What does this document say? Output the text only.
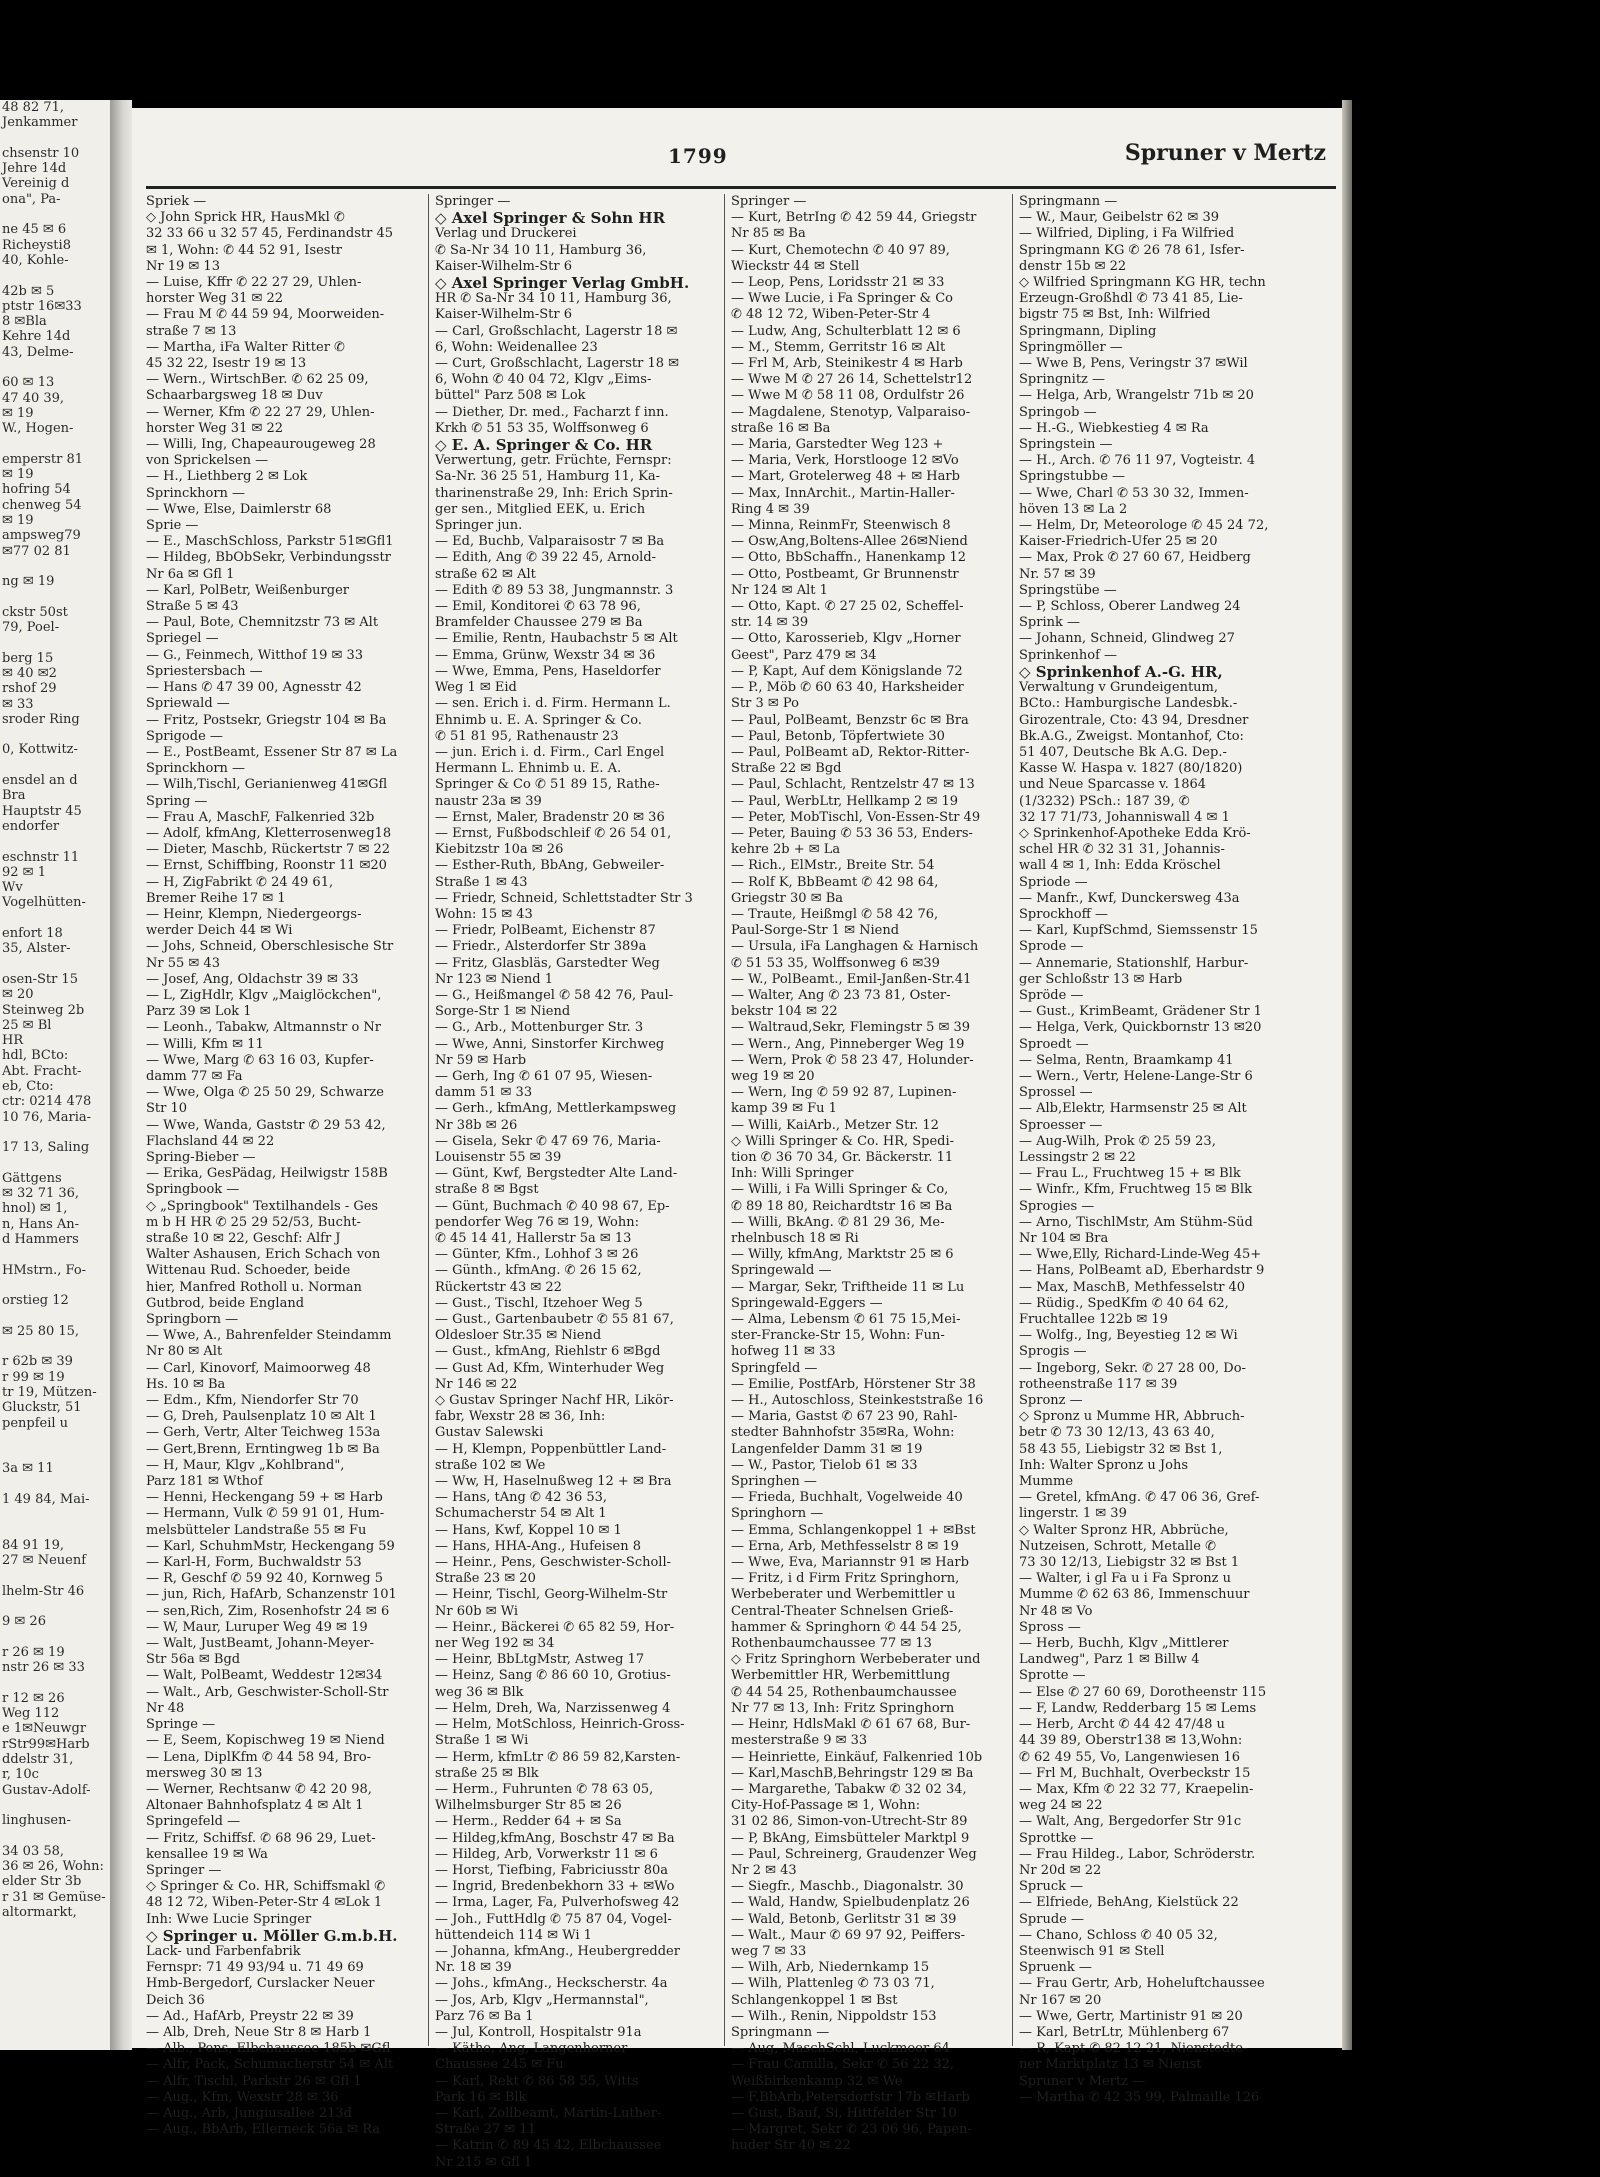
48 82 71,
Jenkammer

chsenstr 10
Jehre 14d
Vereinig d
ona", Pa-

ne 45 ✉ 6
Richeysti8
40, Kohle-

42b ✉ 5
ptstr 16✉33
8 ✉Bla
Kehre 14d
43, Delme-

60 ✉ 13
47 40 39,
✉ 19
W., Hogen-

emperstr 81
✉ 19
hofring 54
chenweg 54
✉ 19
ampsweg79
✉77 02 81

ng ✉ 19

ckstr 50st
79, Poel-

berg 15
✉ 40 ✉2
rshof 29
✉ 33
sroder Ring

0, Kottwitz-

ensdel an d
Bra
Hauptstr 45
endorfer

eschnstr 11
92 ✉ 1
Wv
Vogelhütten-

enfort 18
35, Alster-

osen-Str 15
✉ 20
Steinweg 2b
25 ✉ Bl
HR
hdl, BCto:
Abt. Fracht-
eb, Cto:
ctr: 0214 478
10 76, Maria-

17 13, Saling

Gättgens
✉ 32 71 36,
hnol) ✉ 1,
n, Hans An-
d Hammers

HMstrn., Fo-

orstieg 12

✉ 25 80 15,

r 62b ✉ 39
r 99 ✉ 19
tr 19, Mützen-
Gluckstr, 51
penpfeil u

3a ✉ 11

1 49 84, Mai-

84 91 19,
27 ✉ Neuenf

lhelm-Str 46

9 ✉ 26

r 26 ✉ 19
nstr 26 ✉ 33

r 12 ✉ 26
Weg 112
e 1✉Neuwgr
rStr99✉Harb
ddelstr 31,
r, 10c
Gustav-Adolf-

linghusen-

34 03 58,
36 ✉ 26, Wohn:
elder Str 3b
r 31 ✉ Gemüse-
altormarkt,
1799	Spruner v Mertz
Spriek —
◇ John Sprick HR, HausMkl ✆
32 33 66 u 32 57 45, Ferdinandstr 45
✉ 1, Wohn: ✆ 44 52 91, Isestr
Nr 19 ✉ 13
— Luise, Kffr ✆ 22 27 29, Uhlen-
horster Weg 31 ✉ 22
— Frau M ✆ 44 59 94, Moorweiden-
straße 7 ✉ 13
— Martha, iFa Walter Ritter ✆
45 32 22, Isestr 19 ✉ 13
— Wern., WirtschBer. ✆ 62 25 09,
Schaarbargsweg 18 ✉ Duv
— Werner, Kfm ✆ 22 27 29, Uhlen-
horster Weg 31 ✉ 22
— Willi, Ing, Chapeaurougeweg 28
von Sprickelsen —
— H., Liethberg 2 ✉ Lok
Sprinckhorn —
— Wwe, Else, Daimlerstr 68
Sprie —
— E., MaschSchloss, Parkstr 51✉Gfl1
— Hildeg, BbObSekr, Verbindungsstr
Nr 6a ✉ Gfl 1
— Karl, PolBetr, Weißenburger
Straße 5 ✉ 43
— Paul, Bote, Chemnitzstr 73 ✉ Alt
Spriegel —
— G., Feinmech, Witthof 19 ✉ 33
Spriestersbach —
— Hans ✆ 47 39 00, Agnesstr 42
Spriewald —
— Fritz, Postsekr, Griegstr 104 ✉ Ba
Sprigode —
— E., PostBeamt, Essener Str 87 ✉ La
Sprinckhorn —
— Wilh,Tischl, Gerianienweg 41✉Gfl
Spring —
— Frau A, MaschF, Falkenried 32b
— Adolf, kfmAng, Kletterrosenweg18
— Dieter, Maschb, Rückertstr 7 ✉ 22
— Ernst, Schiffbing, Roonstr 11 ✉20
— H, ZigFabrikt ✆ 24 49 61,
Bremer Reihe 17 ✉ 1
— Heinr, Klempn, Niedergeorgs-
werder Deich 44 ✉ Wi
— Johs, Schneid, Oberschlesische Str
Nr 55 ✉ 43
— Josef, Ang, Oldachstr 39 ✉ 33
— L, ZigHdlr, Klgv „Maiglöckchen",
Parz 39 ✉ Lok 1
— Leonh., Tabakw, Altmannstr o Nr
— Willi, Kfm ✉ 11
— Wwe, Marg ✆ 63 16 03, Kupfer-
damm 77 ✉ Fa
— Wwe, Olga ✆ 25 50 29, Schwarze
Str 10
— Wwe, Wanda, Gaststr ✆ 29 53 42,
Flachsland 44 ✉ 22
Spring-Bieber —
— Erika, GesPädag, Heilwigstr 158B
Springbook —
◇ „Springbook" Textilhandels - Ges
m b H HR ✆ 25 29 52/53, Bucht-
straße 10 ✉ 22, Geschf: Alfr J
Walter Ashausen, Erich Schach von
Wittenau Rud. Schoeder, beide
hier, Manfred Rotholl u. Norman
Gutbrod, beide England
Springborn —
— Wwe, A., Bahrenfelder Steindamm
Nr 80 ✉ Alt
— Carl, Kinovorf, Maimoorweg 48
Hs. 10 ✉ Ba
— Edm., Kfm, Niendorfer Str 70
— G, Dreh, Paulsenplatz 10 ✉ Alt 1
— Gerh, Vertr, Alter Teichweg 153a
— Gert,Brenn, Erntingweg 1b ✉ Ba
— H, Maur, Klgv „Kohlbrand",
Parz 181 ✉ Wthof
— Henni, Heckengang 59 + ✉ Harb
— Hermann, Vulk ✆ 59 91 01, Hum-
melsbütteler Landstraße 55 ✉ Fu
— Karl, SchuhmMstr, Heckengang 59
— Karl-H, Form, Buchwaldstr 53
— R, Geschf ✆ 59 92 40, Kornweg 5
— jun, Rich, HafArb, Schanzenstr 101
— sen,Rich, Zim, Rosenhofstr 24 ✉ 6
— W, Maur, Luruper Weg 49 ✉ 19
— Walt, JustBeamt, Johann-Meyer-
Str 56a ✉ Bgd
— Walt, PolBeamt, Weddestr 12✉34
— Walt., Arb, Geschwister-Scholl-Str
Nr 48
Springe —
— E, Seem, Kopischweg 19 ✉ Niend
— Lena, DiplKfm ✆ 44 58 94, Bro-
mersweg 30 ✉ 13
— Werner, Rechtsanw ✆ 42 20 98,
Altonaer Bahnhofsplatz 4 ✉ Alt 1
Springefeld —
— Fritz, Schiffsf. ✆ 68 96 29, Luet-
kensallee 19 ✉ Wa
Springer —
◇ Springer & Co. HR, Schiffsmakl ✆
48 12 72, Wiben-Peter-Str 4 ✉Lok 1
Inh: Wwe Lucie Springer
◇ Springer u. Möller G.m.b.H.
Lack- und Farbenfabrik
Fernspr: 71 49 93/94 u. 71 49 69
Hmb-Bergedorf, Curslacker Neuer
Deich 36
— Ad., HafArb, Preystr 22 ✉ 39
— Alb, Dreh, Neue Str 8 ✉ Harb 1
— Alb., Pens, Elbchaussee 185b ✉Gfl
— Alfr, Pack, Schumacherstr 54 ✉ Alt
— Alfr, Tischl, Parkstr 26 ✉ Gfl 1
— Aug., Kfm, Wexstr 28 ✉ 36
— Aug., Arb, Jungiusallee 213d
— Aug., BbArb, Ellerneck 56a ✉ Ra
Springer —
◇ Axel Springer & Sohn HR
Verlag und Druckerei
✆ Sa-Nr 34 10 11, Hamburg 36,
Kaiser-Wilhelm-Str 6
◇ Axel Springer Verlag GmbH.
HR ✆ Sa-Nr 34 10 11, Hamburg 36,
Kaiser-Wilhelm-Str 6
— Carl, Großschlacht, Lagerstr 18 ✉
6, Wohn: Weidenallee 23
— Curt, Großschlacht, Lagerstr 18 ✉
6, Wohn ✆ 40 04 72, Klgv „Eims-
büttel" Parz 508 ✉ Lok
— Diether, Dr. med., Facharzt f inn.
Krkh ✆ 51 53 35, Wolffsonweg 6
◇ E. A. Springer & Co. HR
Verwertung, getr. Früchte, Fernspr:
Sa-Nr. 36 25 51, Hamburg 11, Ka-
tharinenstraße 29, Inh: Erich Sprin-
ger sen., Mitglied EEK, u. Erich
Springer jun.
— Ed, Buchb, Valparaisostr 7 ✉ Ba
— Edith, Ang ✆ 39 22 45, Arnold-
straße 62 ✉ Alt
— Edith ✆ 89 53 38, Jungmannstr. 3
— Emil, Konditorei ✆ 63 78 96,
Bramfelder Chaussee 279 ✉ Ba
— Emilie, Rentn, Haubachstr 5 ✉ Alt
— Emma, Grünw, Wexstr 34 ✉ 36
— Wwe, Emma, Pens, Haseldorfer
Weg 1 ✉ Eid
— sen. Erich i. d. Firm. Hermann L.
Ehnimb u. E. A. Springer & Co.
✆ 51 81 95, Rathenaustr 23
— jun. Erich i. d. Firm., Carl Engel
Hermann L. Ehnimb u. E. A.
Springer & Co ✆ 51 89 15, Rathe-
naustr 23a ✉ 39
— Ernst, Maler, Bradenstr 20 ✉ 36
— Ernst, Fußbodschleif ✆ 26 54 01,
Kiebitzstr 10a ✉ 26
— Esther-Ruth, BbAng, Gebweiler-
Straße 1 ✉ 43
— Friedr, Schneid, Schlettstadter Str 3
Wohn: 15 ✉ 43
— Friedr, PolBeamt, Eichenstr 87
— Friedr., Alsterdorfer Str 389a
— Fritz, Glasbläs, Garstedter Weg
Nr 123 ✉ Niend 1
— G., Heißmangel ✆ 58 42 76, Paul-
Sorge-Str 1 ✉ Niend
— G., Arb., Mottenburger Str. 3
— Wwe, Anni, Sinstorfer Kirchweg
Nr 59 ✉ Harb
— Gerh, Ing ✆ 61 07 95, Wiesen-
damm 51 ✉ 33
— Gerh., kfmAng, Mettlerkampsweg
Nr 38b ✉ 26
— Gisela, Sekr ✆ 47 69 76, Maria-
Louisenstr 55 ✉ 39
— Günt, Kwf, Bergstedter Alte Land-
straße 8 ✉ Bgst
— Günt, Buchmach ✆ 40 98 67, Ep-
pendorfer Weg 76 ✉ 19, Wohn:
✆ 45 14 41, Hallerstr 5a ✉ 13
— Günter, Kfm., Lohhof 3 ✉ 26
— Günth., kfmAng. ✆ 26 15 62,
Rückertstr 43 ✉ 22
— Gust., Tischl, Itzehoer Weg 5
— Gust., Gartenbaubetr ✆ 55 81 67,
Oldesloer Str.35 ✉ Niend
— Gust., kfmAng, Riehlstr 6 ✉Bgd
— Gust Ad, Kfm, Winterhuder Weg
Nr 146 ✉ 22
◇ Gustav Springer Nachf HR, Likör-
fabr, Wexstr 28 ✉ 36, Inh:
Gustav Salewski
— H, Klempn, Poppenbüttler Land-
straße 102 ✉ We
— Ww, H, Haselnußweg 12 + ✉ Bra
— Hans, tAng ✆ 42 36 53,
Schumacherstr 54 ✉ Alt 1
— Hans, Kwf, Koppel 10 ✉ 1
— Hans, HHA-Ang., Hufeisen 8
— Heinr., Pens, Geschwister-Scholl-
Straße 23 ✉ 20
— Heinr, Tischl, Georg-Wilhelm-Str
Nr 60b ✉ Wi
— Heinr., Bäckerei ✆ 65 82 59, Hor-
ner Weg 192 ✉ 34
— Heinr, BbLtgMstr, Astweg 17
— Heinz, Sang ✆ 86 60 10, Grotius-
weg 36 ✉ Blk
— Helm, Dreh, Wa, Narzissenweg 4
— Helm, MotSchloss, Heinrich-Gross-
Straße 1 ✉ Wi
— Herm, kfmLtr ✆ 86 59 82,Karsten-
straße 25 ✉ Blk
— Herm., Fuhrunten ✆ 78 63 05,
Wilhelmsburger Str 85 ✉ 26
— Herm., Redder 64 + ✉ Sa
— Hildeg,kfmAng, Boschstr 47 ✉ Ba
— Hildeg, Arb, Vorwerkstr 11 ✉ 6
— Horst, Tiefbing, Fabriciusstr 80a
— Ingrid, Bredenbekhorn 33 + ✉Wo
— Irma, Lager, Fa, Pulverhofsweg 42
— Joh., FuttHdlg ✆ 75 87 04, Vogel-
hüttendeich 114 ✉ Wi 1
— Johanna, kfmAng., Heubergredder
Nr. 18 ✉ 39
— Johs., kfmAng., Heckscherstr. 4a
— Jos, Arb, Klgv „Hermannstal",
Parz 76 ✉ Ba 1
— Jul, Kontroll, Hospitalstr 91a
— Käthe, Ang, Langenhorner
Chaussee 245 ✉ Fu
— Karl, Rekt ✆ 86 58 55, Witts
Park 16 ✉ Blk
— Karl, Zollbeamt, Martin-Luther-
Straße 27 ✉ 11
— Katrin ✆ 89 45 42, Elbchaussee
Nr 215 ✉ Gfl 1
Springer —
— Kurt, BetrIng ✆ 42 59 44, Griegstr
Nr 85 ✉ Ba
— Kurt, Chemotechn ✆ 40 97 89,
Wieckstr 44 ✉ Stell
— Leop, Pens, Loridsstr 21 ✉ 33
— Wwe Lucie, i Fa Springer & Co
✆ 48 12 72, Wiben-Peter-Str 4
— Ludw, Ang, Schulterblatt 12 ✉ 6
— M., Stemm, Gerritstr 16 ✉ Alt
— Frl M, Arb, Steinikestr 4 ✉ Harb
— Wwe M ✆ 27 26 14, Schettelstr12
— Wwe M ✆ 58 11 08, Ordulfstr 26
— Magdalene, Stenotyp, Valparaiso-
straße 16 ✉ Ba
— Maria, Garstedter Weg 123 +
— Maria, Verk, Horstlooge 12 ✉Vo
— Mart, Grotelerweg 48 + ✉ Harb
— Max, InnArchit., Martin-Haller-
Ring 4 ✉ 39
— Minna, ReinmFr, Steenwisch 8
— Osw,Ang,Boltens-Allee 26✉Niend
— Otto, BbSchaffn., Hanenkamp 12
— Otto, Postbeamt, Gr Brunnenstr
Nr 124 ✉ Alt 1
— Otto, Kapt. ✆ 27 25 02, Scheffel-
str. 14 ✉ 39
— Otto, Karosserieb, Klgv „Horner
Geest", Parz 479 ✉ 34
— P, Kapt, Auf dem Königslande 72
— P., Möb ✆ 60 63 40, Harksheider
Str 3 ✉ Po
— Paul, PolBeamt, Benzstr 6c ✉ Bra
— Paul, Betonb, Töpfertwiete 30
— Paul, PolBeamt aD, Rektor-Ritter-
Straße 22 ✉ Bgd
— Paul, Schlacht, Rentzelstr 47 ✉ 13
— Paul, WerbLtr, Hellkamp 2 ✉ 19
— Peter, MobTischl, Von-Essen-Str 49
— Peter, Bauing ✆ 53 36 53, Enders-
kehre 2b + ✉ La
— Rich., ElMstr., Breite Str. 54
— Rolf K, BbBeamt ✆ 42 98 64,
Griegstr 30 ✉ Ba
— Traute, Heißmgl ✆ 58 42 76,
Paul-Sorge-Str 1 ✉ Niend
— Ursula, iFa Langhagen & Harnisch
✆ 51 53 35, Wolffsonweg 6 ✉39
— W., PolBeamt., Emil-Janßen-Str.41
— Walter, Ang ✆ 23 73 81, Oster-
bekstr 104 ✉ 22
— Waltraud,Sekr, Flemingstr 5 ✉ 39
— Wern., Ang, Pinneberger Weg 19
— Wern, Prok ✆ 58 23 47, Holunder-
weg 19 ✉ 20
— Wern, Ing ✆ 59 92 87, Lupinen-
kamp 39 ✉ Fu 1
— Willi, KaiArb., Metzer Str. 12
◇ Willi Springer & Co. HR, Spedi-
tion ✆ 36 70 34, Gr. Bäckerstr. 11
Inh: Willi Springer
— Willi, i Fa Willi Springer & Co,
✆ 89 18 80, Reichardtstr 16 ✉ Ba
— Willi, BkAng. ✆ 81 29 36, Me-
rhelnbusch 18 ✉ Ri
— Willy, kfmAng, Marktstr 25 ✉ 6
Springewald —
— Margar, Sekr, Triftheide 11 ✉ Lu
Springewald-Eggers —
— Alma, Lebensm ✆ 61 75 15,Mei-
ster-Francke-Str 15, Wohn: Fun-
hofweg 11 ✉ 33
Springfeld —
— Emilie, PostfArb, Hörstener Str 38
— H., Autoschloss, Steinkeststraße 16
— Maria, Gastst ✆ 67 23 90, Rahl-
stedter Bahnhofstr 35✉Ra, Wohn:
Langenfelder Damm 31 ✉ 19
— W., Pastor, Tielob 61 ✉ 33
Springhen —
— Frieda, Buchhalt, Vogelweide 40
Springhorn —
— Emma, Schlangenkoppel 1 + ✉Bst
— Erna, Arb, Methfesselstr 8 ✉ 19
— Wwe, Eva, Mariannstr 91 ✉ Harb
— Fritz, i d Firm Fritz Springhorn,
Werbeberater und Werbemittler u
Central-Theater Schnelsen Grieß-
hammer & Springhorn ✆ 44 54 25,
Rothenbaumchaussee 77 ✉ 13
◇ Fritz Springhorn Werbeberater und
Werbemittler HR, Werbemittlung
✆ 44 54 25, Rothenbaumchaussee
Nr 77 ✉ 13, Inh: Fritz Springhorn
— Heinr, HdlsMakl ✆ 61 67 68, Bur-
mesterstraße 9 ✉ 33
— Heinriette, Einkäuf, Falkenried 10b
— Karl,MaschB,Behringstr 129 ✉ Ba
— Margarethe, Tabakw ✆ 32 02 34,
City-Hof-Passage ✉ 1, Wohn:
31 02 86, Simon-von-Utrecht-Str 89
— P, BkAng, Eimsbütteler Marktpl 9
— Paul, Schreinerg, Graudenzer Weg
Nr 2 ✉ 43
— Siegfr., Maschb., Diagonalstr. 30
— Wald, Handw, Spielbudenplatz 26
— Wald, Betonb, Gerlitstr 31 ✉ 39
— Walt., Maur ✆ 69 97 92, Peiffers-
weg 7 ✉ 33
— Wilh, Arb, Niedernkamp 15
— Wilh, Plattenleg ✆ 73 03 71,
Schlangenkoppel 1 ✉ Bst
— Wilh., Renin, Nippoldstr 153
Springmann —
— Aug, MaschSchl, Luckmoor 64
— Frau Camilla, Sekr ✆ 56 22 32,
Weißbirkenkamp 32 ✉ We
— F.BbArb,Petersdorfstr 17b ✉Harb
— Gust, Bauf, Si, Hittfelder Str 10
— Margret, Sekr ✆ 23 06 96, Papen-
huder Str 40 ✉ 22
Springmann —
— W., Maur, Geibelstr 62 ✉ 39
— Wilfried, Dipling, i Fa Wilfried
Springmann KG ✆ 26 78 61, Isfer-
denstr 15b ✉ 22
◇ Wilfried Springmann KG HR, techn
Erzeugn-Großhdl ✆ 73 41 85, Lie-
bigstr 75 ✉ Bst, Inh: Wilfried
Springmann, Dipling
Springmöller —
— Wwe B, Pens, Veringstr 37 ✉Wil
Springnitz —
— Helga, Arb, Wrangelstr 71b ✉ 20
Springob —
— H.-G., Wiebkestieg 4 ✉ Ra
Springstein —
— H., Arch. ✆ 76 11 97, Vogteistr. 4
Springstubbe —
— Wwe, Charl ✆ 53 30 32, Immen-
höven 13 ✉ La 2
— Helm, Dr, Meteorologe ✆ 45 24 72,
Kaiser-Friedrich-Ufer 25 ✉ 20
— Max, Prok ✆ 27 60 67, Heidberg
Nr. 57 ✉ 39
Springstübe —
— P, Schloss, Oberer Landweg 24
Sprink —
— Johann, Schneid, Glindweg 27
Sprinkenhof —
◇ Sprinkenhof A.-G. HR,
Verwaltung v Grundeigentum,
BCto.: Hamburgische Landesbk.-
Girozentrale, Cto: 43 94, Dresdner
Bk.A.G., Zweigst. Montanhof, Cto:
51 407, Deutsche Bk A.G. Dep.-
Kasse W. Haspa v. 1827 (80/1820)
und Neue Sparcasse v. 1864
(1/3232) PSch.: 187 39, ✆
32 17 71/73, Johanniswall 4 ✉ 1
◇ Sprinkenhof-Apotheke Edda Krö-
schel HR ✆ 32 31 31, Johannis-
wall 4 ✉ 1, Inh: Edda Kröschel
Spriode —
— Manfr., Kwf, Dunckersweg 43a
Sprockhoff —
— Karl, KupfSchmd, Siemssenstr 15
Sprode —
— Annemarie, Stationshlf, Harbur-
ger Schloßstr 13 ✉ Harb
Spröde —
— Gust., KrimBeamt, Grädener Str 1
— Helga, Verk, Quickbornstr 13 ✉20
Sproedt —
— Selma, Rentn, Braamkamp 41
— Wern., Vertr, Helene-Lange-Str 6
Sprossel —
— Alb,Elektr, Harmsenstr 25 ✉ Alt
Sproesser —
— Aug-Wilh, Prok ✆ 25 59 23,
Lessingstr 2 ✉ 22
— Frau L., Fruchtweg 15 + ✉ Blk
— Winfr., Kfm, Fruchtweg 15 ✉ Blk
Sprogies —
— Arno, TischlMstr, Am Stühm-Süd
Nr 104 ✉ Bra
— Wwe,Elly, Richard-Linde-Weg 45+
— Hans, PolBeamt aD, Eberhardstr 9
— Max, MaschB, Methfesselstr 40
— Rüdig., SpedKfm ✆ 40 64 62,
Fruchtallee 122b ✉ 19
— Wolfg., Ing, Beyestieg 12 ✉ Wi
Sprogis —
— Ingeborg, Sekr. ✆ 27 28 00, Do-
rotheenstraße 117 ✉ 39
Spronz —
◇ Spronz u Mumme HR, Abbruch-
betr ✆ 73 30 12/13, 43 63 40,
58 43 55, Liebigstr 32 ✉ Bst 1,
Inh: Walter Spronz u Johs
Mumme
— Gretel, kfmAng. ✆ 47 06 36, Gref-
lingerstr. 1 ✉ 39
◇ Walter Spronz HR, Abbrüche,
Nutzeisen, Schrott, Metalle ✆
73 30 12/13, Liebigstr 32 ✉ Bst 1
— Walter, i gl Fa u i Fa Spronz u
Mumme ✆ 62 63 86, Immenschuur
Nr 48 ✉ Vo
Spross —
— Herb, Buchh, Klgv „Mittlerer
Landweg", Parz 1 ✉ Billw 4
Sprotte —
— Else ✆ 27 60 69, Dorotheenstr 115
— F, Landw, Redderbarg 15 ✉ Lems
— Herb, Archt ✆ 44 42 47/48 u
44 39 89, Oberstr138 ✉ 13,Wohn:
✆ 62 49 55, Vo, Langenwiesen 16
— Frl M, Buchhalt, Overbeckstr 15
— Max, Kfm ✆ 22 32 77, Kraepelin-
weg 24 ✉ 22
— Walt, Ang, Bergedorfer Str 91c
Sprottke —
— Frau Hildeg., Labor, Schröderstr.
Nr 20d ✉ 22
Spruck —
— Elfriede, BehAng, Kielstück 22
Sprude —
— Chano, Schloss ✆ 40 05 32,
Steenwisch 91 ✉ Stell
Spruenk —
— Frau Gertr, Arb, Hoheluftchaussee
Nr 167 ✉ 20
— Wwe, Gertr, Martinistr 91 ✉ 20
— Karl, BetrLtr, Mühlenberg 67
— R, Kapt ✆ 82 12 21, Nienstedte-
ner Marktplatz 13 ✉ Nienst
Spruner v Mertz —
— Martha ✆ 42 35 99, Palmaille 126
